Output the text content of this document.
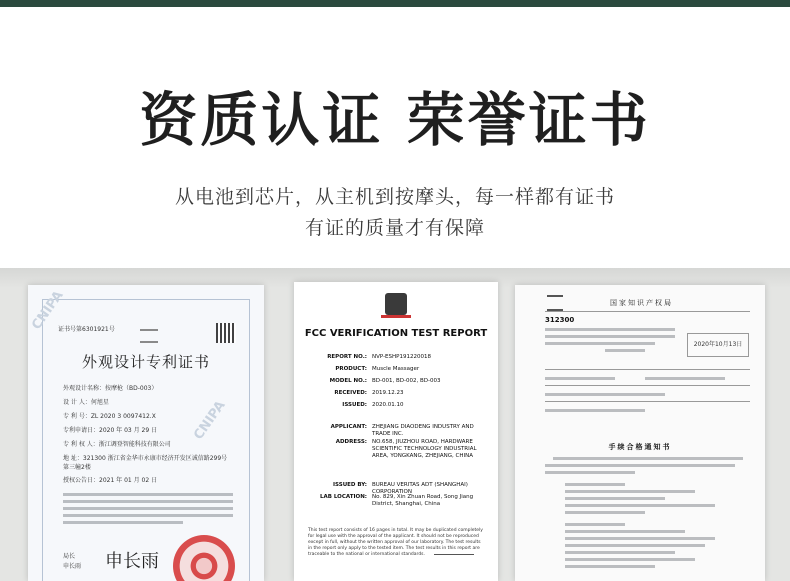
资质认证 荣誉证书
从电池到芯片，从主机到按摩头，每一样都有证书
有证的质量才有保障
CNIPA
CNIPA
证书号第6301921号
外观设计专利证书
外观设计名称：按摩枪（BD-003）
设 计 人：何旭星
专 利 号：ZL 2020 3 0097412.X
专利申请日：2020 年 03 月 29 日
专 利 权 人：浙江调登智能科技有限公司
地 址：321300 浙江省金华市永康市经济开发区诚信路299号第三幢2楼
授权公告日：2021 年 01 月 02 日
局长
申长雨 申长雨
FCC VERIFICATION TEST REPORT
REPORT NO.: NVP-ESHP191220018
PRODUCT: Muscle Massager
MODEL NO.: BD-001, BD-002, BD-003
RECEIVED: 2019.12.23
ISSUED: 2020.01.10
APPLICANT: ZHEJIANG DIAODENG INDUSTRY AND TRADE INC.
ADDRESS: NO.658, JIUZHOU ROAD, HARDWARE SCIENTIFIC TECHNOLOGY INDUSTRIAL AREA, YONGKANG, ZHEJIANG, CHINA
ISSUED BY: BUREAU VERITAS ADT (SHANGHAI) CORPORATION
LAB LOCATION: No. 829, Xin Zhuan Road, Song Jiang District, Shanghai, China
This test report consists of 16 pages in total. It may be duplicated completely for legal use with the approval of the applicant. It should not be reproduced except in full, without the written approval of our laboratory. The test results in the report only apply to the tested item. The test results in this report are traceable to the national or international standards.
国家知识产权局
312300
2020年10月13日
手续合格通知书
